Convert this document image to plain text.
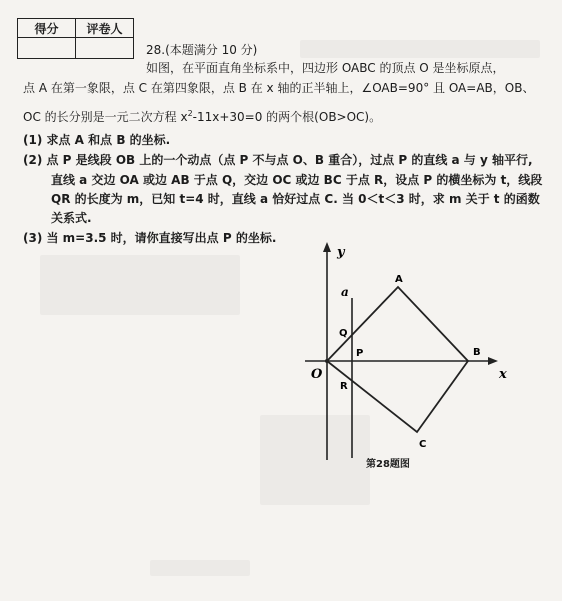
得分	评卷人

28.(本题满分 10 分)
如图，在平面直角坐标系中，四边形 OABC 的顶点 O 是坐标原点，
点 A 在第一象限，点 C 在第四象限，点 B 在 x 轴的正半轴上，∠OAB=90° 且 OA=AB，OB、
OC 的长分别是一元二次方程 $x^2-11x+30=0$ 的两个根(OB>OC)。
(1) 求点 A 和点 B 的坐标.
(2) 点 P 是线段 OB 上的一个动点（点 P 不与点 O、B 重合），过点 P 的直线 a 与 y 轴平行,
直线 a 交边 OA 或边 AB 于点 Q，交边 OC 或边 BC 于点 R，设点 P 的横坐标为 t，线段
QR 的长度为 m，已知 t=4 时，直线 a 恰好过点 C. 当 0＜t＜3 时，求 m 关于 t 的函数
关系式.
(3) 当 m=3.5 时，请你直接写出点 P 的坐标.
y
x
a
A
B
C
O
P
Q
R
第28题图
